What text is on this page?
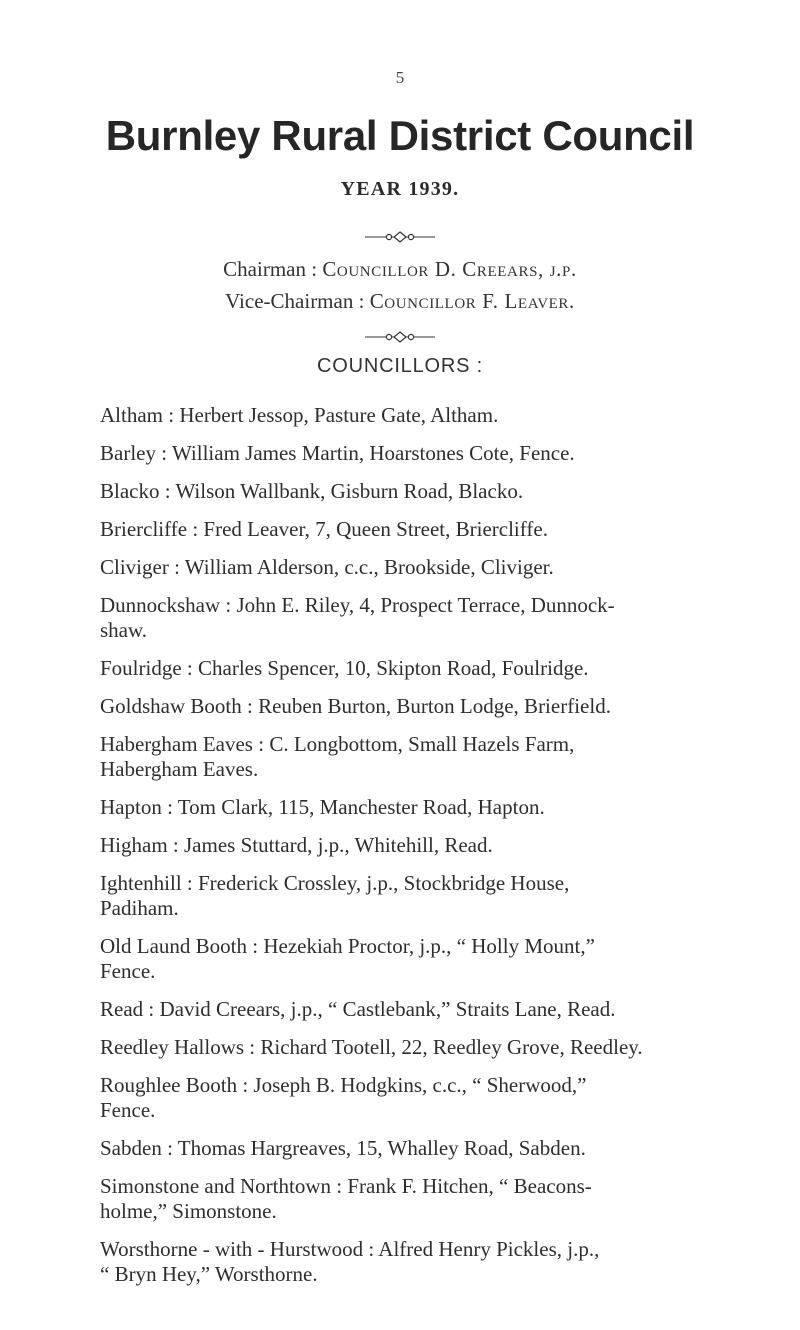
5
Burnley Rural District Council
YEAR 1939.
Chairman : Councillor D. Creears, j.p.
Vice-Chairman : Councillor F. Leaver.
COUNCILLORS :
Altham : Herbert Jessop, Pasture Gate, Altham.
Barley : William James Martin, Hoarstones Cote, Fence.
Blacko : Wilson Wallbank, Gisburn Road, Blacko.
Briercliffe : Fred Leaver, 7, Queen Street, Briercliffe.
Cliviger : William Alderson, c.c., Brookside, Cliviger.
Dunnockshaw : John E. Riley, 4, Prospect Terrace, Dunnock-
shaw.
Foulridge : Charles Spencer, 10, Skipton Road, Foulridge.
Goldshaw Booth : Reuben Burton, Burton Lodge, Brierfield.
Habergham Eaves : C. Longbottom, Small Hazels Farm,
Habergham Eaves.
Hapton : Tom Clark, 115, Manchester Road, Hapton.
Higham : James Stuttard, j.p., Whitehill, Read.
Ightenhill : Frederick Crossley, j.p., Stockbridge House,
Padiham.
Old Laund Booth : Hezekiah Proctor, j.p., “ Holly Mount,”
Fence.
Read : David Creears, j.p., “ Castlebank,” Straits Lane, Read.
Reedley Hallows : Richard Tootell, 22, Reedley Grove, Reedley.
Roughlee Booth : Joseph B. Hodgkins, c.c., “ Sherwood,”
Fence.
Sabden : Thomas Hargreaves, 15, Whalley Road, Sabden.
Simonstone and Northtown : Frank F. Hitchen, “ Beacons-
holme,” Simonstone.
Worsthorne - with - Hurstwood : Alfred Henry Pickles, j.p.,
“ Bryn Hey,” Worsthorne.
